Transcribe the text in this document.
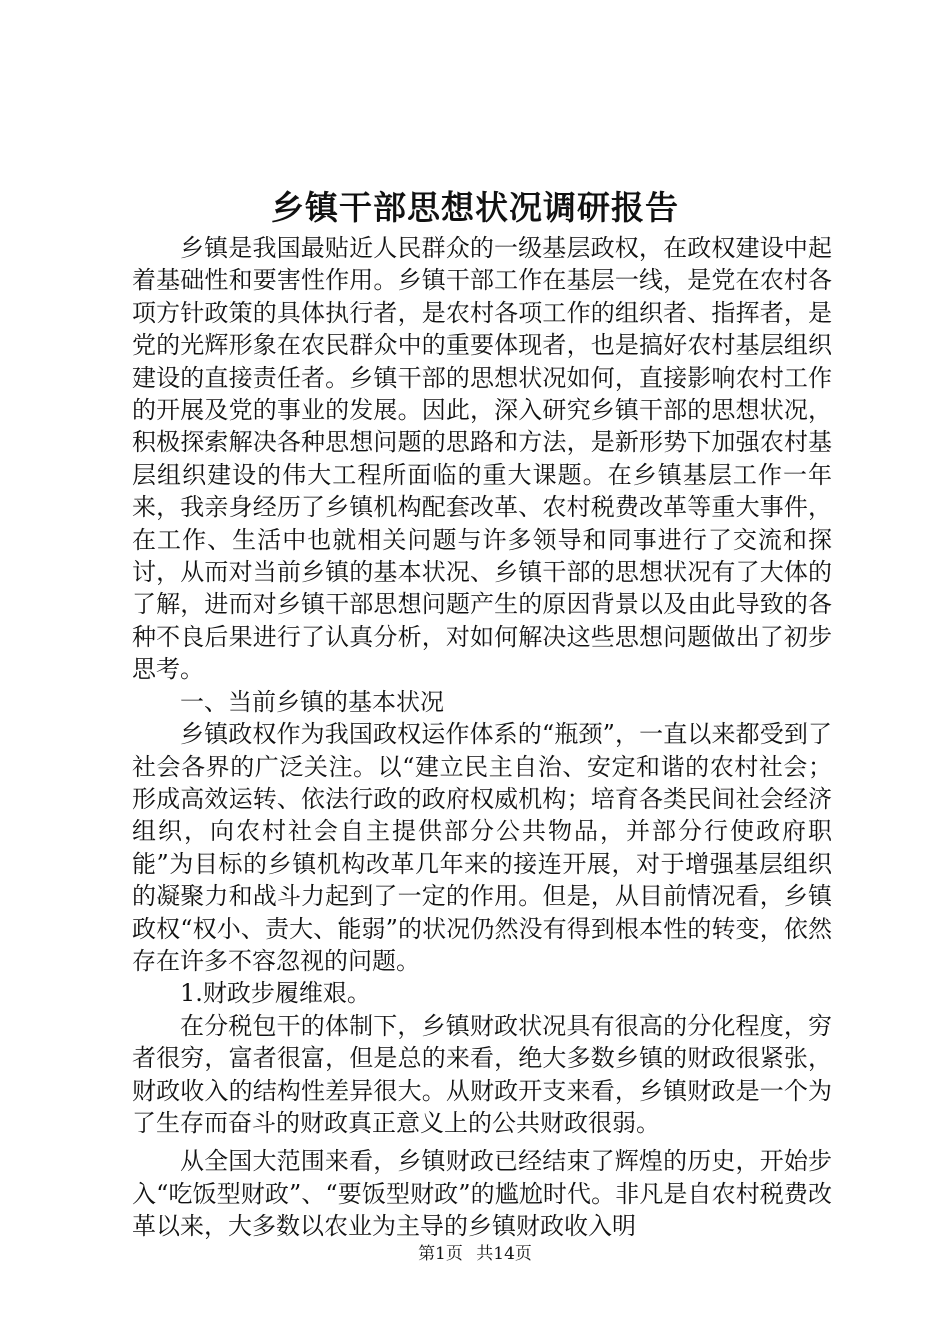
乡镇干部思想状况调研报告

乡镇是我国最贴近人民群众的一级基层政权，在政权建设中起着基础性和要害性作用。乡镇干部工作在基层一线，是党在农村各项方针政策的具体执行者，是农村各项工作的组织者、指挥者，是党的光辉形象在农民群众中的重要体现者，也是搞好农村基层组织建设的直接责任者。乡镇干部的思想状况如何，直接影响农村工作的开展及党的事业的发展。因此，深入研究乡镇干部的思想状况，积极探索解决各种思想问题的思路和方法，是新形势下加强农村基层组织建设的伟大工程所面临的重大课题。在乡镇基层工作一年来，我亲身经历了乡镇机构配套改革、农村税费改革等重大事件，在工作、生活中也就相关问题与许多领导和同事进行了交流和探讨，从而对当前乡镇的基本状况、乡镇干部的思想状况有了大体的了解，进而对乡镇干部思想问题产生的原因背景以及由此导致的各种不良后果进行了认真分析，对如何解决这些思想问题做出了初步思考。

一、当前乡镇的基本状况

乡镇政权作为我国政权运作体系的“瓶颈”，一直以来都受到了社会各界的广泛关注。以“建立民主自治、安定和谐的农村社会；形成高效运转、依法行政的政府权威机构；培育各类民间社会经济组织，向农村社会自主提供部分公共物品，并部分行使政府职能”为目标的乡镇机构改革几年来的接连开展，对于增强基层组织的凝聚力和战斗力起到了一定的作用。但是，从目前情况看，乡镇政权“权小、责大、能弱”的状况仍然没有得到根本性的转变，依然存在许多不容忽视的问题。

1.财政步履维艰。

在分税包干的体制下，乡镇财政状况具有很高的分化程度，穷者很穷，富者很富，但是总的来看，绝大多数乡镇的财政很紧张，财政收入的结构性差异很大。从财政开支来看，乡镇财政是一个为了生存而奋斗的财政真正意义上的公共财政很弱。

从全国大范围来看，乡镇财政已经结束了辉煌的历史，开始步入“吃饭型财政”、“要饭型财政”的尴尬时代。非凡是自农村税费改革以来，大多数以农业为主导的乡镇财政收入明

第1页 共14页
